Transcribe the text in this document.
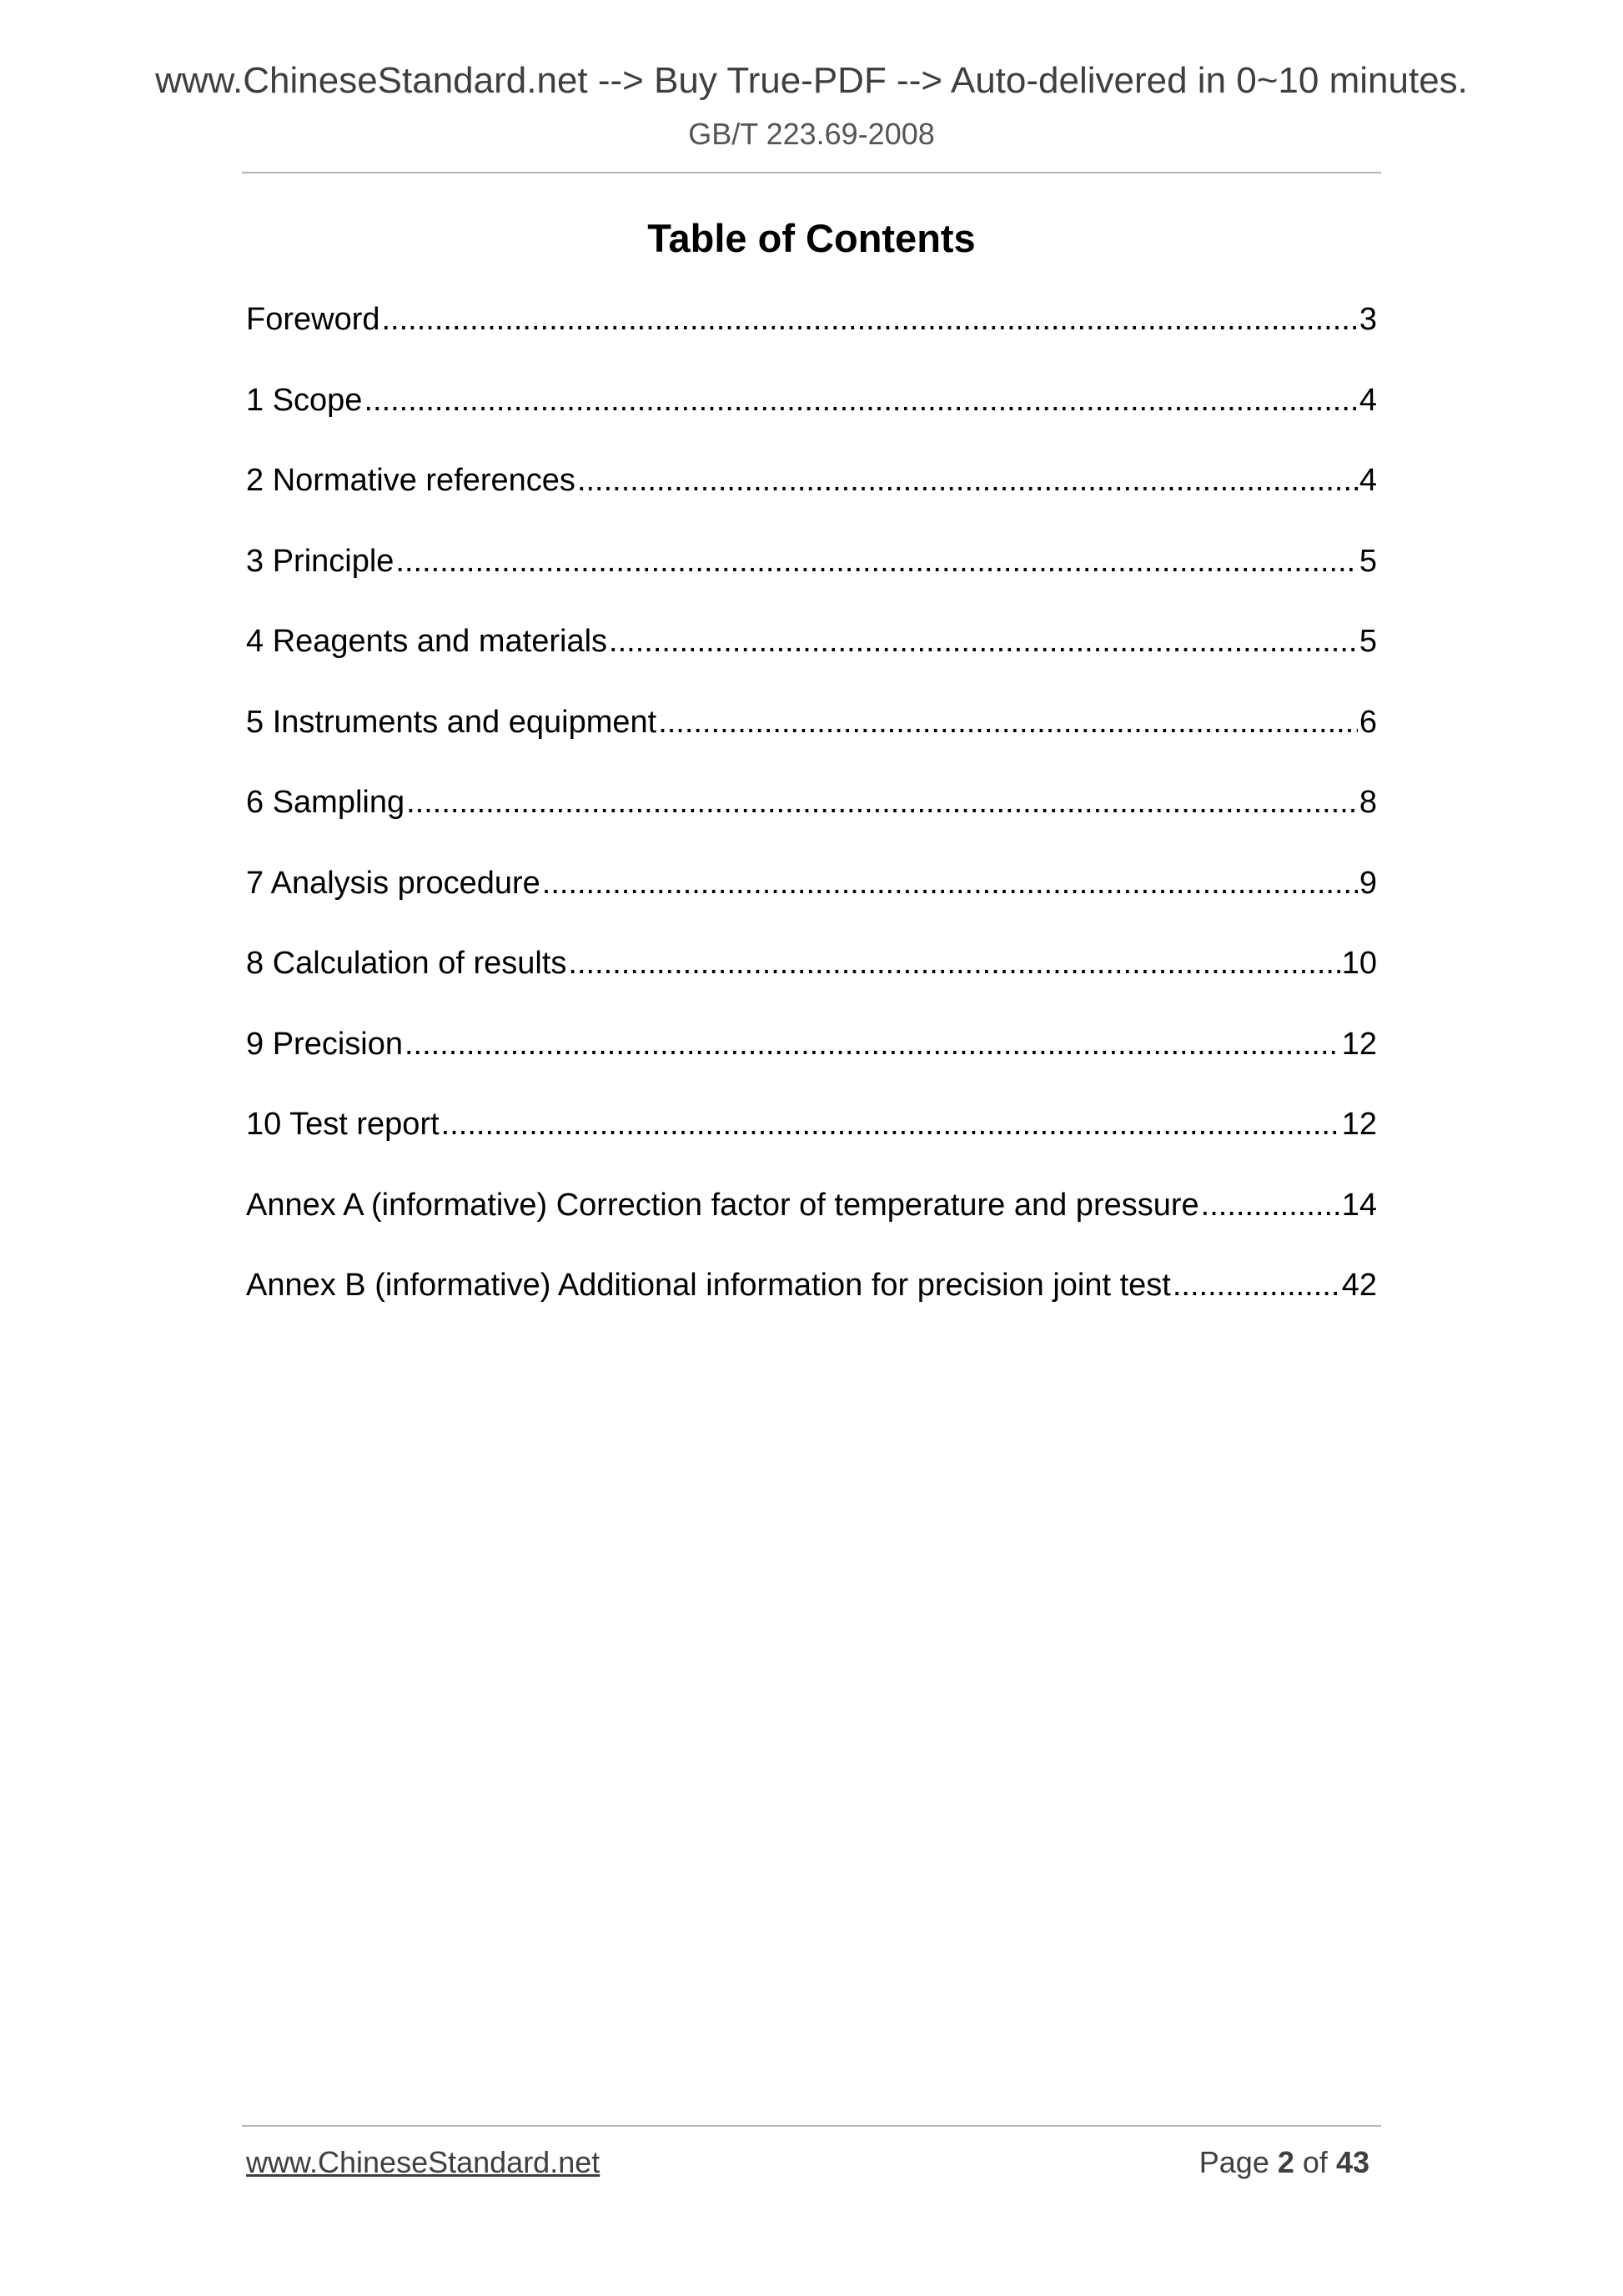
www.ChineseStandard.net --> Buy True-PDF --> Auto-delivered in 0~10 minutes.
GB/T 223.69-2008
Table of Contents
Foreword .....	3
1 Scope .....	4
2 Normative references .....	4
3 Principle .....	5
4 Reagents and materials .....	5
5 Instruments and equipment .....	6
6 Sampling .....	8
7 Analysis procedure .....	9
8 Calculation of results .....	10
9 Precision .....	12
10 Test report .....	12
Annex A (informative) Correction factor of temperature and pressure .....	14
Annex B (informative) Additional information for precision joint test .....	42
www.ChineseStandard.net	Page 2 of 43
